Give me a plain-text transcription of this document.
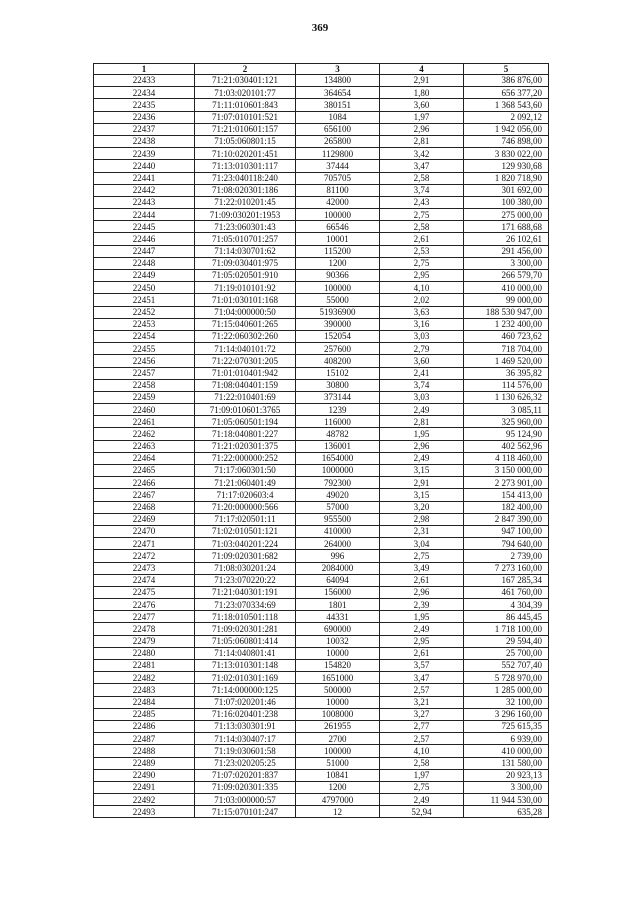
369
1	2	3	4	5
22433	71:21:030401:121	134800	2,91	386 876,00
22434	71:03:020101:77	364654	1,80	656 377,20
22435	71:11:010601:843	380151	3,60	1 368 543,60
22436	71:07:010101:521	1084	1,97	2 092,12
22437	71:21:010601:157	656100	2,96	1 942 056,00
22438	71:05:060801:15	265800	2,81	746 898,00
22439	71:10:020201:451	1129800	3,42	3 830 022,00
22440	71:13:010301:117	37444	3,47	129 930,68
22441	71:23:040118:240	705705	2,58	1 820 718,90
22442	71:08:020301:186	81100	3,74	301 692,00
22443	71:22:010201:45	42000	2,43	100 380,00
22444	71:09:030201:1953	100000	2,75	275 000,00
22445	71:23:060301:43	66546	2,58	171 688,68
22446	71:05:010701:257	10001	2,61	26 102,61
22447	71:14:030701:62	115200	2,53	291 456,00
22448	71:09:030401:975	1200	2,75	3 300,00
22449	71:05:020501:910	90366	2,95	266 579,70
22450	71:19:010101:92	100000	4,10	410 000,00
22451	71:01:030101:168	55000	2,02	99 000,00
22452	71:04:000000:50	51936900	3,63	188 530 947,00
22453	71:15:040601:265	390000	3,16	1 232 400,00
22454	71:22:060302:260	152054	3,03	460 723,62
22455	71:14:040101:72	257600	2,79	718 704,00
22456	71:22:070301:205	408200	3,60	1 469 520,00
22457	71:01:010401:942	15102	2,41	36 395,82
22458	71:08:040401:159	30800	3,74	114 576,00
22459	71:22:010401:69	373144	3,03	1 130 626,32
22460	71:09:010601:3765	1239	2,49	3 085,11
22461	71:05:060501:194	116000	2,81	325 960,00
22462	71:18:040801:227	48782	1,95	95 124,90
22463	71:21:020301:375	136001	2,96	402 562,96
22464	71:22:000000:252	1654000	2,49	4 118 460,00
22465	71:17:060301:50	1000000	3,15	3 150 000,00
22466	71:21:060401:49	792300	2,91	2 273 901,00
22467	71:17:020603:4	49020	3,15	154 413,00
22468	71:20:000000:566	57000	3,20	182 400,00
22469	71:17:020501:11	955500	2,98	2 847 390,00
22470	71:02:010501:121	410000	2,31	947 100,00
22471	71:03:040201:224	264000	3,04	794 640,00
22472	71:09:020301:682	996	2,75	2 739,00
22473	71:08:030201:24	2084000	3,49	7 273 160,00
22474	71:23:070220:22	64094	2,61	167 285,34
22475	71:21:040301:191	156000	2,96	461 760,00
22476	71:23:070334:69	1801	2,39	4 304,39
22477	71:18:010501:118	44331	1,95	86 445,45
22478	71:09:020301:281	690000	2,49	1 718 100,00
22479	71:05:060801:414	10032	2,95	29 594,40
22480	71:14:040801:41	10000	2,61	25 700,00
22481	71:13:010301:148	154820	3,57	552 707,40
22482	71:02:010301:169	1651000	3,47	5 728 970,00
22483	71:14:000000:125	500000	2,57	1 285 000,00
22484	71:07:020201:46	10000	3,21	32 100,00
22485	71:16:020401:238	1008000	3,27	3 296 160,00
22486	71:13:030301:91	261955	2,77	725 615,35
22487	71:14:030407:17	2700	2,57	6 939,00
22488	71:19:030601:58	100000	4,10	410 000,00
22489	71:23:020205:25	51000	2,58	131 580,00
22490	71:07:020201:837	10841	1,97	20 923,13
22491	71:09:020301:335	1200	2,75	3 300,00
22492	71:03:000000:57	4797000	2,49	11 944 530,00
22493	71:15:070101:247	12	52,94	635,28
